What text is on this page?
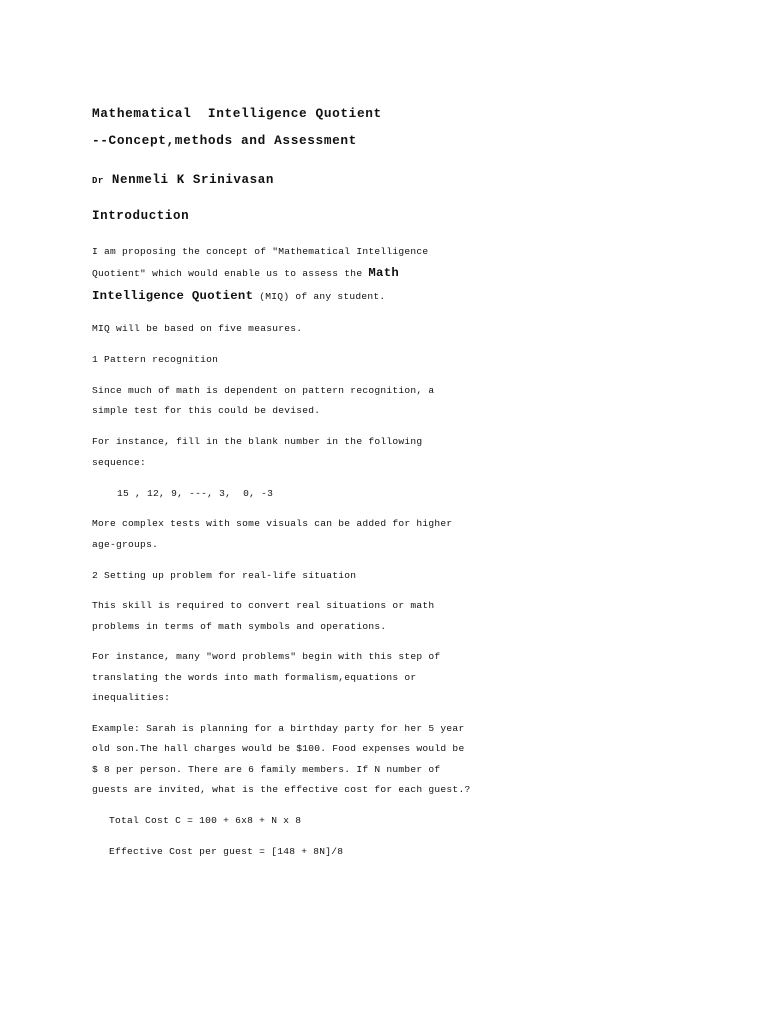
Mathematical  Intelligence Quotient
--Concept,methods and Assessment
Dr Nenmeli K Srinivasan
Introduction
I am proposing the concept of "Mathematical Intelligence
Quotient" which would enable us to assess the Math
Intelligence Quotient (MIQ) of any student.
MIQ will be based on five measures.
1 Pattern recognition
Since much of math is dependent on pattern recognition, a
simple test for this could be devised.
For instance, fill in the blank number in the following
sequence:
15 , 12, 9, ---, 3,  0, -3
More complex tests with some visuals can be added for higher
age-groups.
2 Setting up problem for real-life situation
This skill is required to convert real situations or math
problems in terms of math symbols and operations.
For instance, many "word problems" begin with this step of
translating the words into math formalism,equations or
inequalities:
Example: Sarah is planning for a birthday party for her 5 year
old son.The hall charges would be $100. Food expenses would be
$ 8 per person. There are 6 family members. If N number of
guests are invited, what is the effective cost for each guest.?
Total Cost C = 100 + 6x8 + N x 8
Effective Cost per guest = [148 + 8N]/8
